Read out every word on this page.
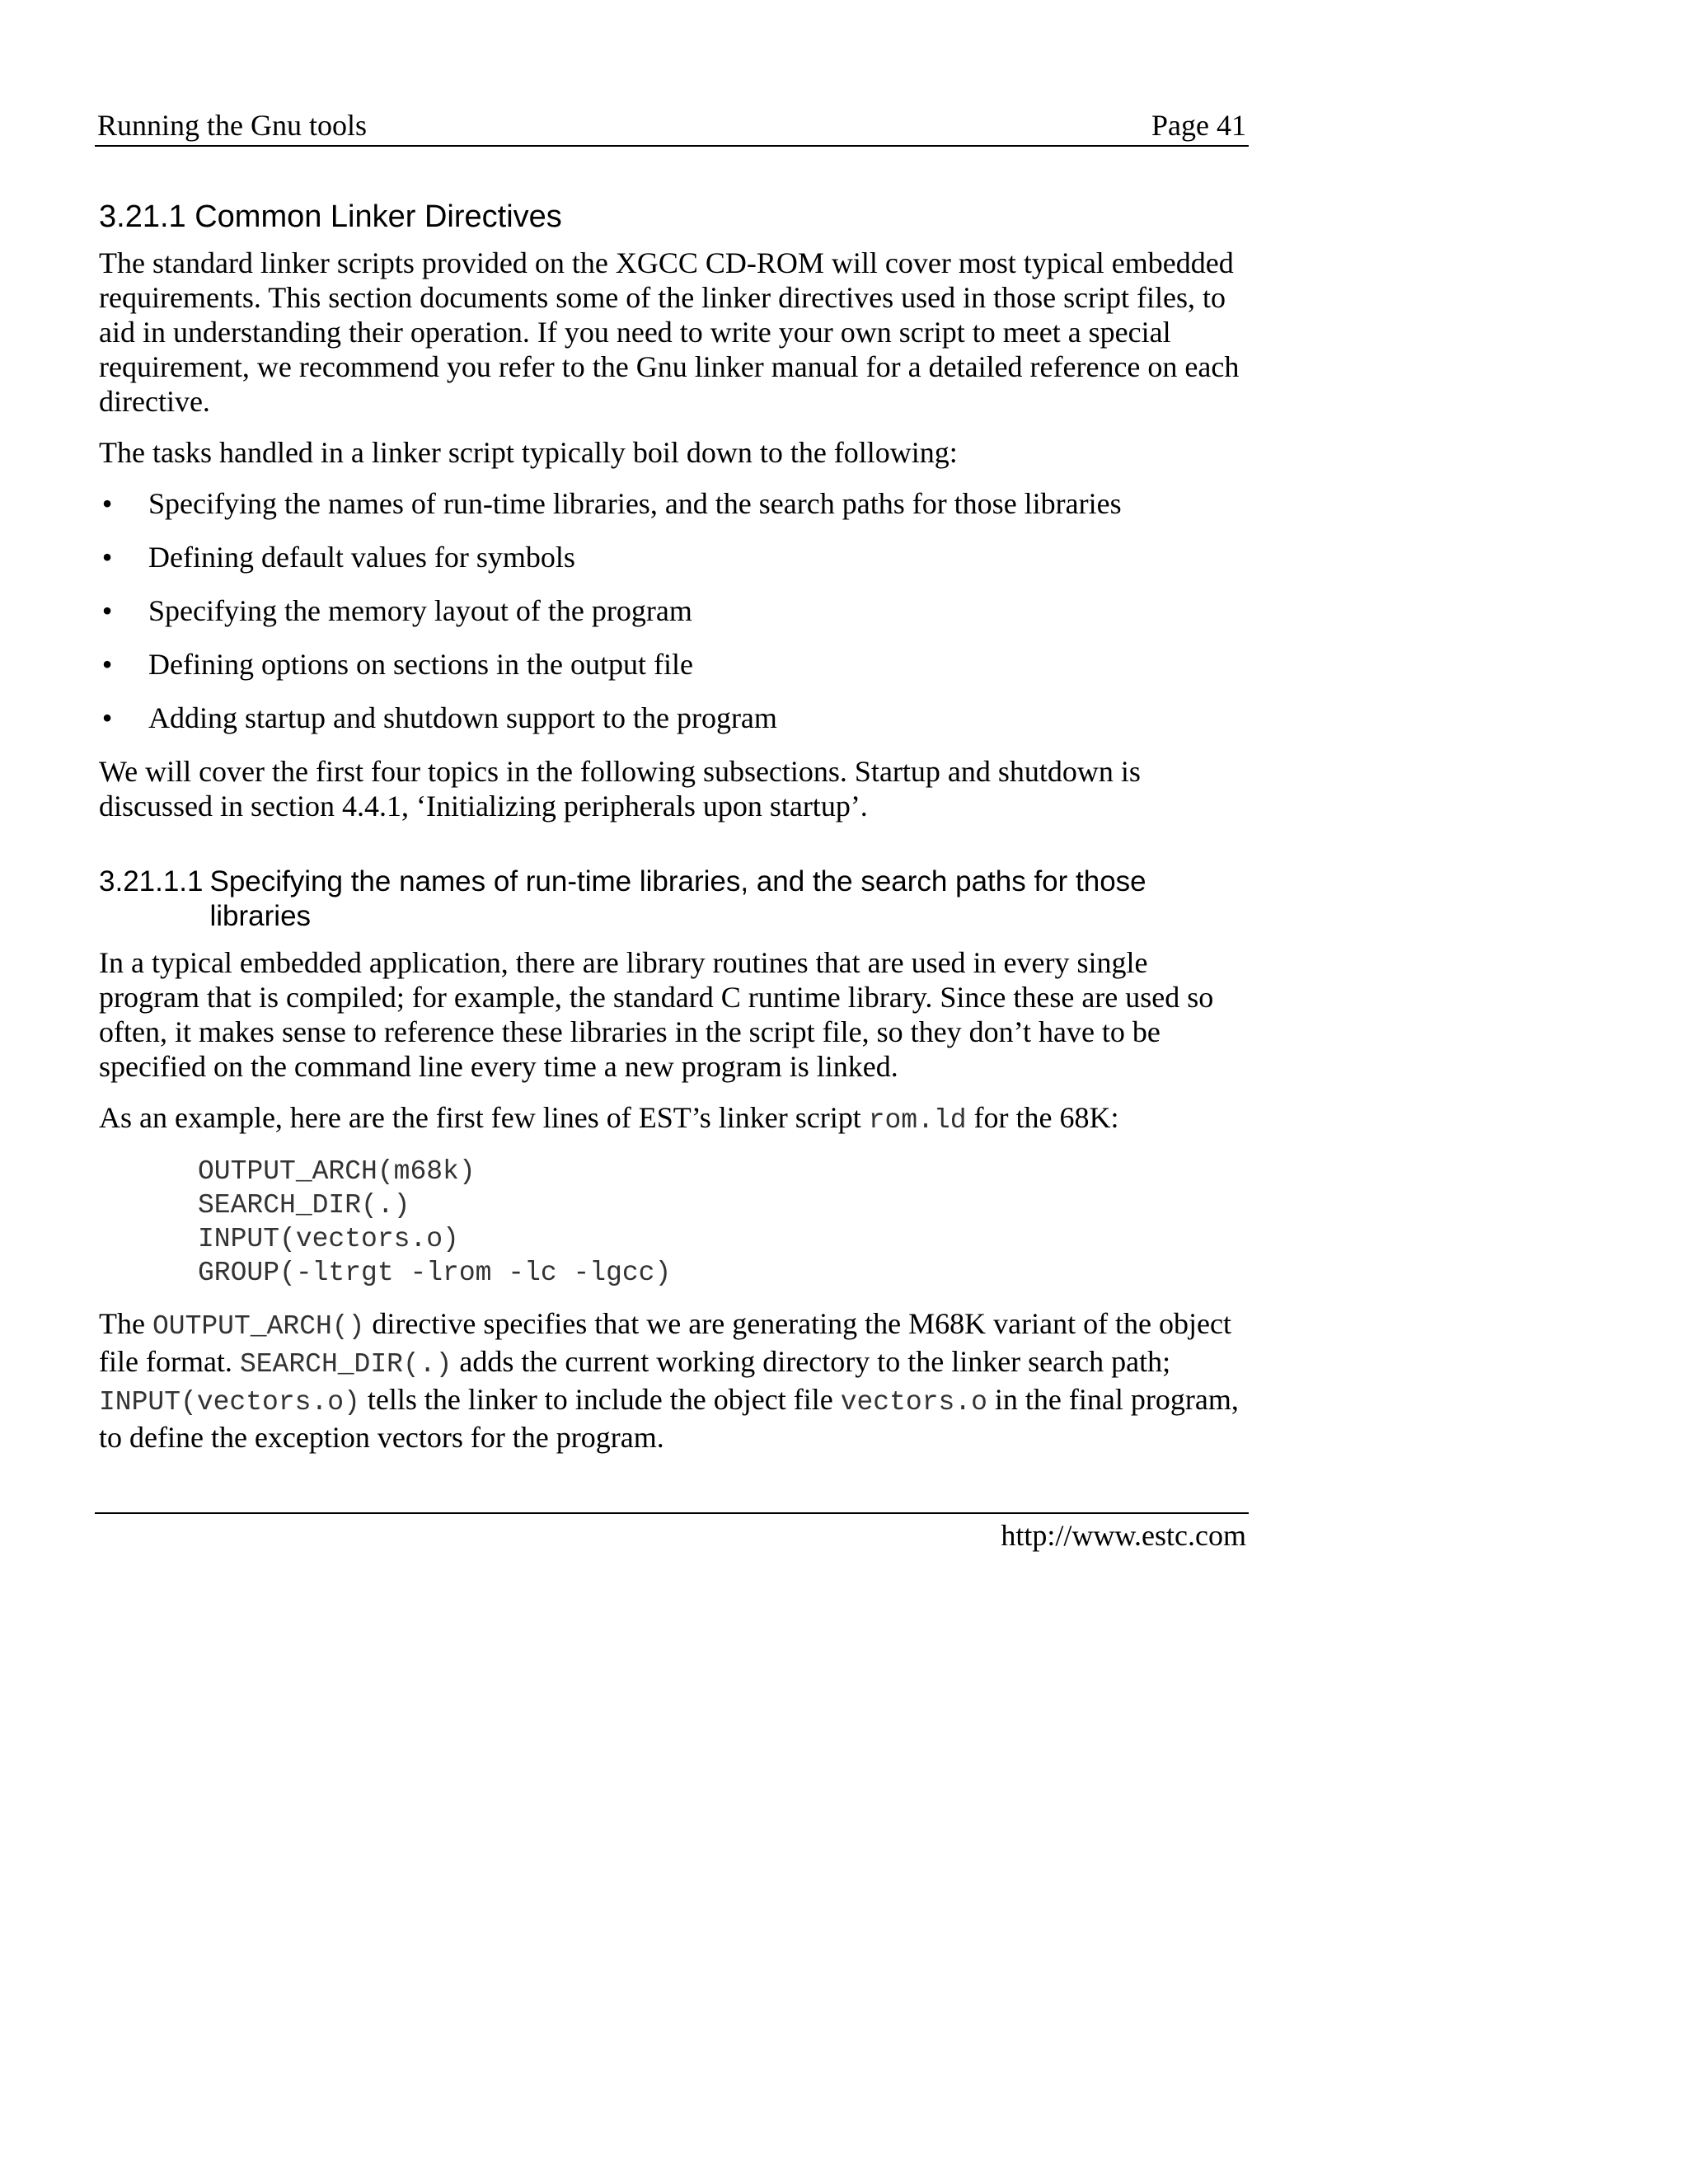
Running the Gnu tools	Page 41
3.21.1 Common Linker Directives

The standard linker scripts provided on the XGCC CD-ROM will cover most typical embedded requirements. This section documents some of the linker directives used in those script files, to aid in understanding their operation. If you need to write your own script to meet a special requirement, we recommend you refer to the Gnu linker manual for a detailed reference on each directive.

The tasks handled in a linker script typically boil down to the following:

• Specifying the names of run-time libraries, and the search paths for those libraries
• Defining default values for symbols
• Specifying the memory layout of the program
• Defining options on sections in the output file
• Adding startup and shutdown support to the program

We will cover the first four topics in the following subsections. Startup and shutdown is discussed in section 4.4.1, ‘Initializing peripherals upon startup’.

3.21.1.1 Specifying the names of run-time libraries, and the search paths for those libraries

In a typical embedded application, there are library routines that are used in every single program that is compiled; for example, the standard C runtime library. Since these are used so often, it makes sense to reference these libraries in the script file, so they don’t have to be specified on the command line every time a new program is linked.

As an example, here are the first few lines of EST’s linker script rom.ld for the 68K:

OUTPUT_ARCH(m68k)
SEARCH_DIR(.)
INPUT(vectors.o)
GROUP(-ltrgt -lrom -lc -lgcc)

The OUTPUT_ARCH() directive specifies that we are generating the M68K variant of the object file format. SEARCH_DIR(.) adds the current working directory to the linker search path; INPUT(vectors.o) tells the linker to include the object file vectors.o in the final program, to define the exception vectors for the program.

http://www.estc.com
